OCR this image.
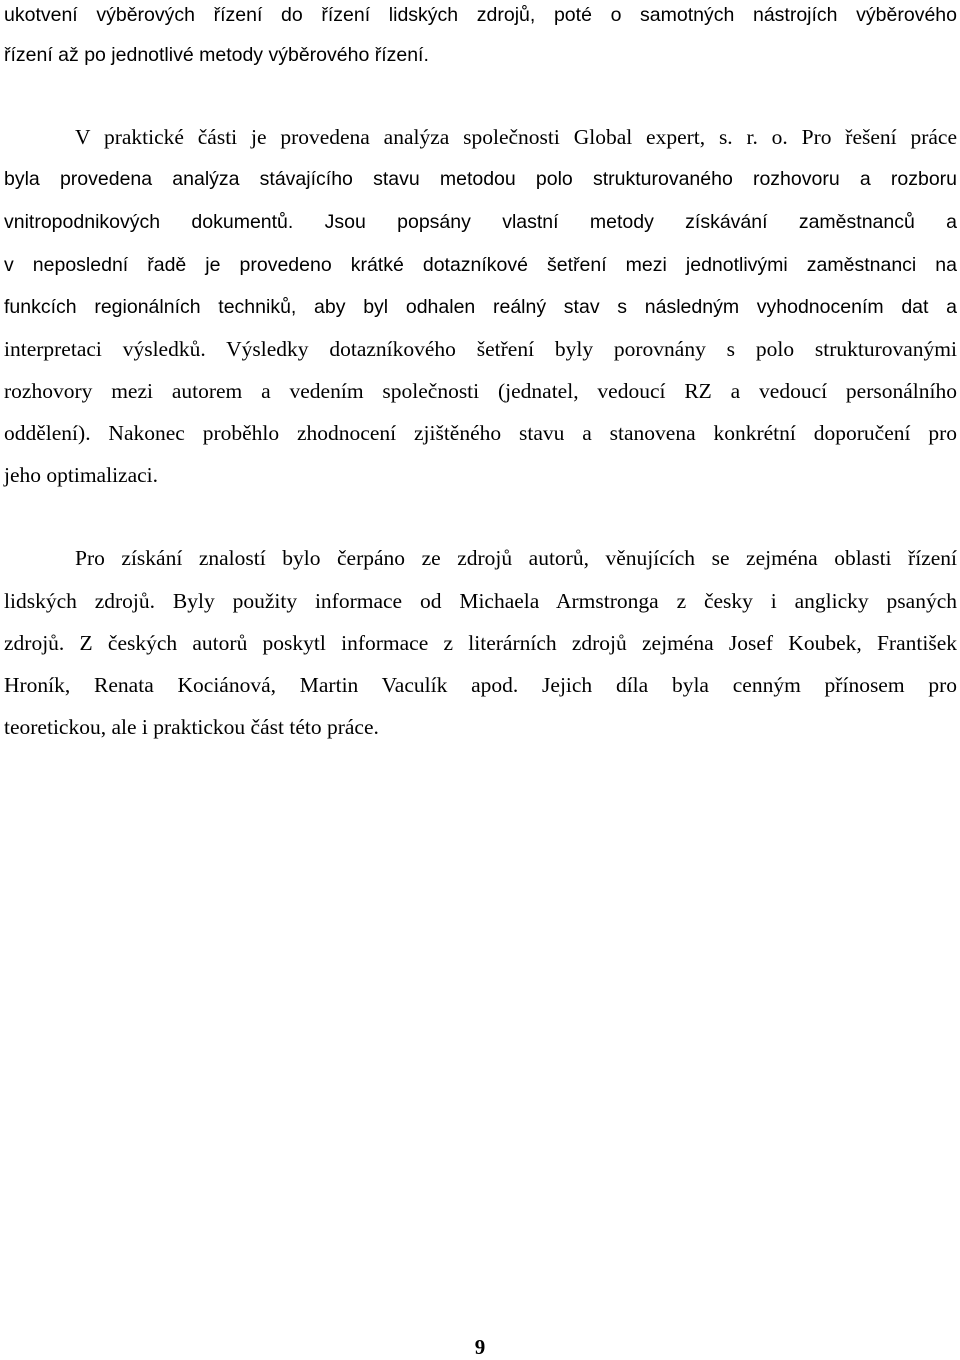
ukotvení výběrových řízení do řízení lidských zdrojů, poté o samotných nástrojích výběrového
řízení až po jednotlivé metody výběrového řízení.
V praktické části je provedena analýza společnosti Global expert, s. r. o. Pro řešení práce
byla provedena analýza stávajícího stavu metodou polo strukturovaného rozhovoru a rozboru
vnitropodnikových dokumentů. Jsou popsány vlastní metody získávání zaměstnanců a
v neposlední řadě je provedeno krátké dotazníkové šetření mezi jednotlivými zaměstnanci na
funkcích regionálních techniků, aby byl odhalen reálný stav s následným vyhodnocením dat a
interpretaci výsledků. Výsledky dotazníkového šetření byly porovnány s polo strukturovanými
rozhovory mezi autorem a vedením společnosti (jednatel, vedoucí RZ a vedoucí personálního
oddělení). Nakonec proběhlo zhodnocení zjištěného stavu a stanovena konkrétní doporučení pro
jeho optimalizaci.
Pro získání znalostí bylo čerpáno ze zdrojů autorů, věnujících se zejména oblasti řízení
lidských zdrojů. Byly použity informace od Michaela Armstronga z česky i anglicky psaných
zdrojů. Z českých autorů poskytl informace z literárních zdrojů zejména Josef Koubek, František
Hroník, Renata Kociánová, Martin Vaculík apod. Jejich díla byla cenným přínosem pro
teoretickou, ale i praktickou část této práce.
9
